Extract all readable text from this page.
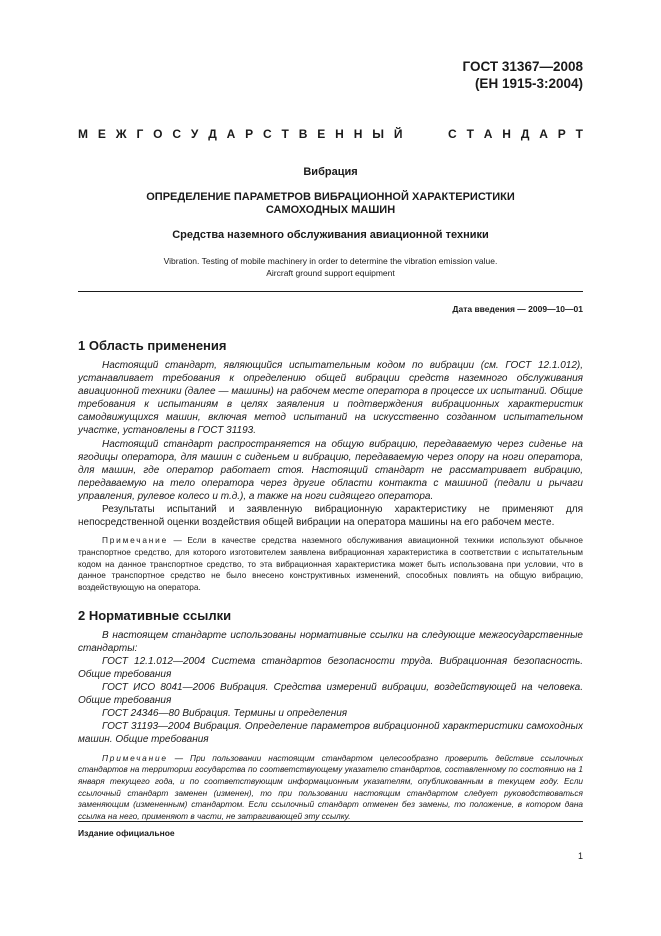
ГОСТ 31367—2008
(ЕН 1915-3:2004)
М Е Ж Г О С У Д А Р С Т В Е Н Н Ы Й	С Т А Н Д А Р Т
Вибрация
ОПРЕДЕЛЕНИЕ ПАРАМЕТРОВ ВИБРАЦИОННОЙ ХАРАКТЕРИСТИКИ
САМОХОДНЫХ МАШИН
Средства наземного обслуживания авиационной техники
Vibration. Testing of mobile machinery in order to determine the vibration emission value.
Aircraft ground support equipment
Дата введения — 2009—10—01
1 Область применения

Настоящий стандарт, являющийся испытательным кодом по вибрации (см. ГОСТ 12.1.012), устанавливает требования к определению общей вибрации средств наземного обслуживания авиационной техники (далее — машины) на рабочем месте оператора в процессе их испытаний. Общие требования к испытаниям в целях заявления и подтверждения вибрационных характеристик самодвижущихся машин, включая метод испытаний на искусственно созданном испытательном участке, установлены в ГОСТ 31193.

Настоящий стандарт распространяется на общую вибрацию, передаваемую через сиденье на ягодицы оператора, для машин с сиденьем и вибрацию, передаваемую через опору на ноги оператора, для машин, где оператор работает стоя. Настоящий стандарт не рассматривает вибрацию, передаваемую на тело оператора через другие области контакта с машиной (педали и рычаги управления, рулевое колесо и т.д.), а также на ноги сидящего оператора.

Результаты испытаний и заявленную вибрационную характеристику не применяют для непосредственной оценки воздействия общей вибрации на оператора машины на его рабочем месте.

Примечание — Если в качестве средства наземного обслуживания авиационной техники используют обычное транспортное средство, для которого изготовителем заявлена вибрационная характеристика в соответствии с испытательным кодом на данное транспортное средство, то эта вибрационная характеристика может быть использована при условии, что в данное транспортное средство не было внесено конструктивных изменений, способных повлиять на общую вибрацию, воздействующую на оператора.

2 Нормативные ссылки

В настоящем стандарте использованы нормативные ссылки на следующие межгосударственные стандарты:

ГОСТ 12.1.012—2004 Система стандартов безопасности труда. Вибрационная безопасность. Общие требования

ГОСТ ИСО 8041—2006 Вибрация. Средства измерений вибрации, воздействующей на человека. Общие требования

ГОСТ 24346—80 Вибрация. Термины и определения

ГОСТ 31193—2004 Вибрация. Определение параметров вибрационной характеристики самоходных машин. Общие требования

Примечание — При пользовании настоящим стандартом целесообразно проверить действие ссылочных стандартов на территории государства по соответствующему указателю стандартов, составленному по состоянию на 1 января текущего года, и по соответствующим информационным указателям, опубликованным в текущем году. Если ссылочный стандарт заменен (изменен), то при пользовании настоящим стандартом следует руководствоваться заменяющим (измененным) стандартом. Если ссылочный стандарт отменен без замены, то положение, в котором дана ссылка на него, применяют в части, не затрагивающей эту ссылку.

Издание официальное
1
